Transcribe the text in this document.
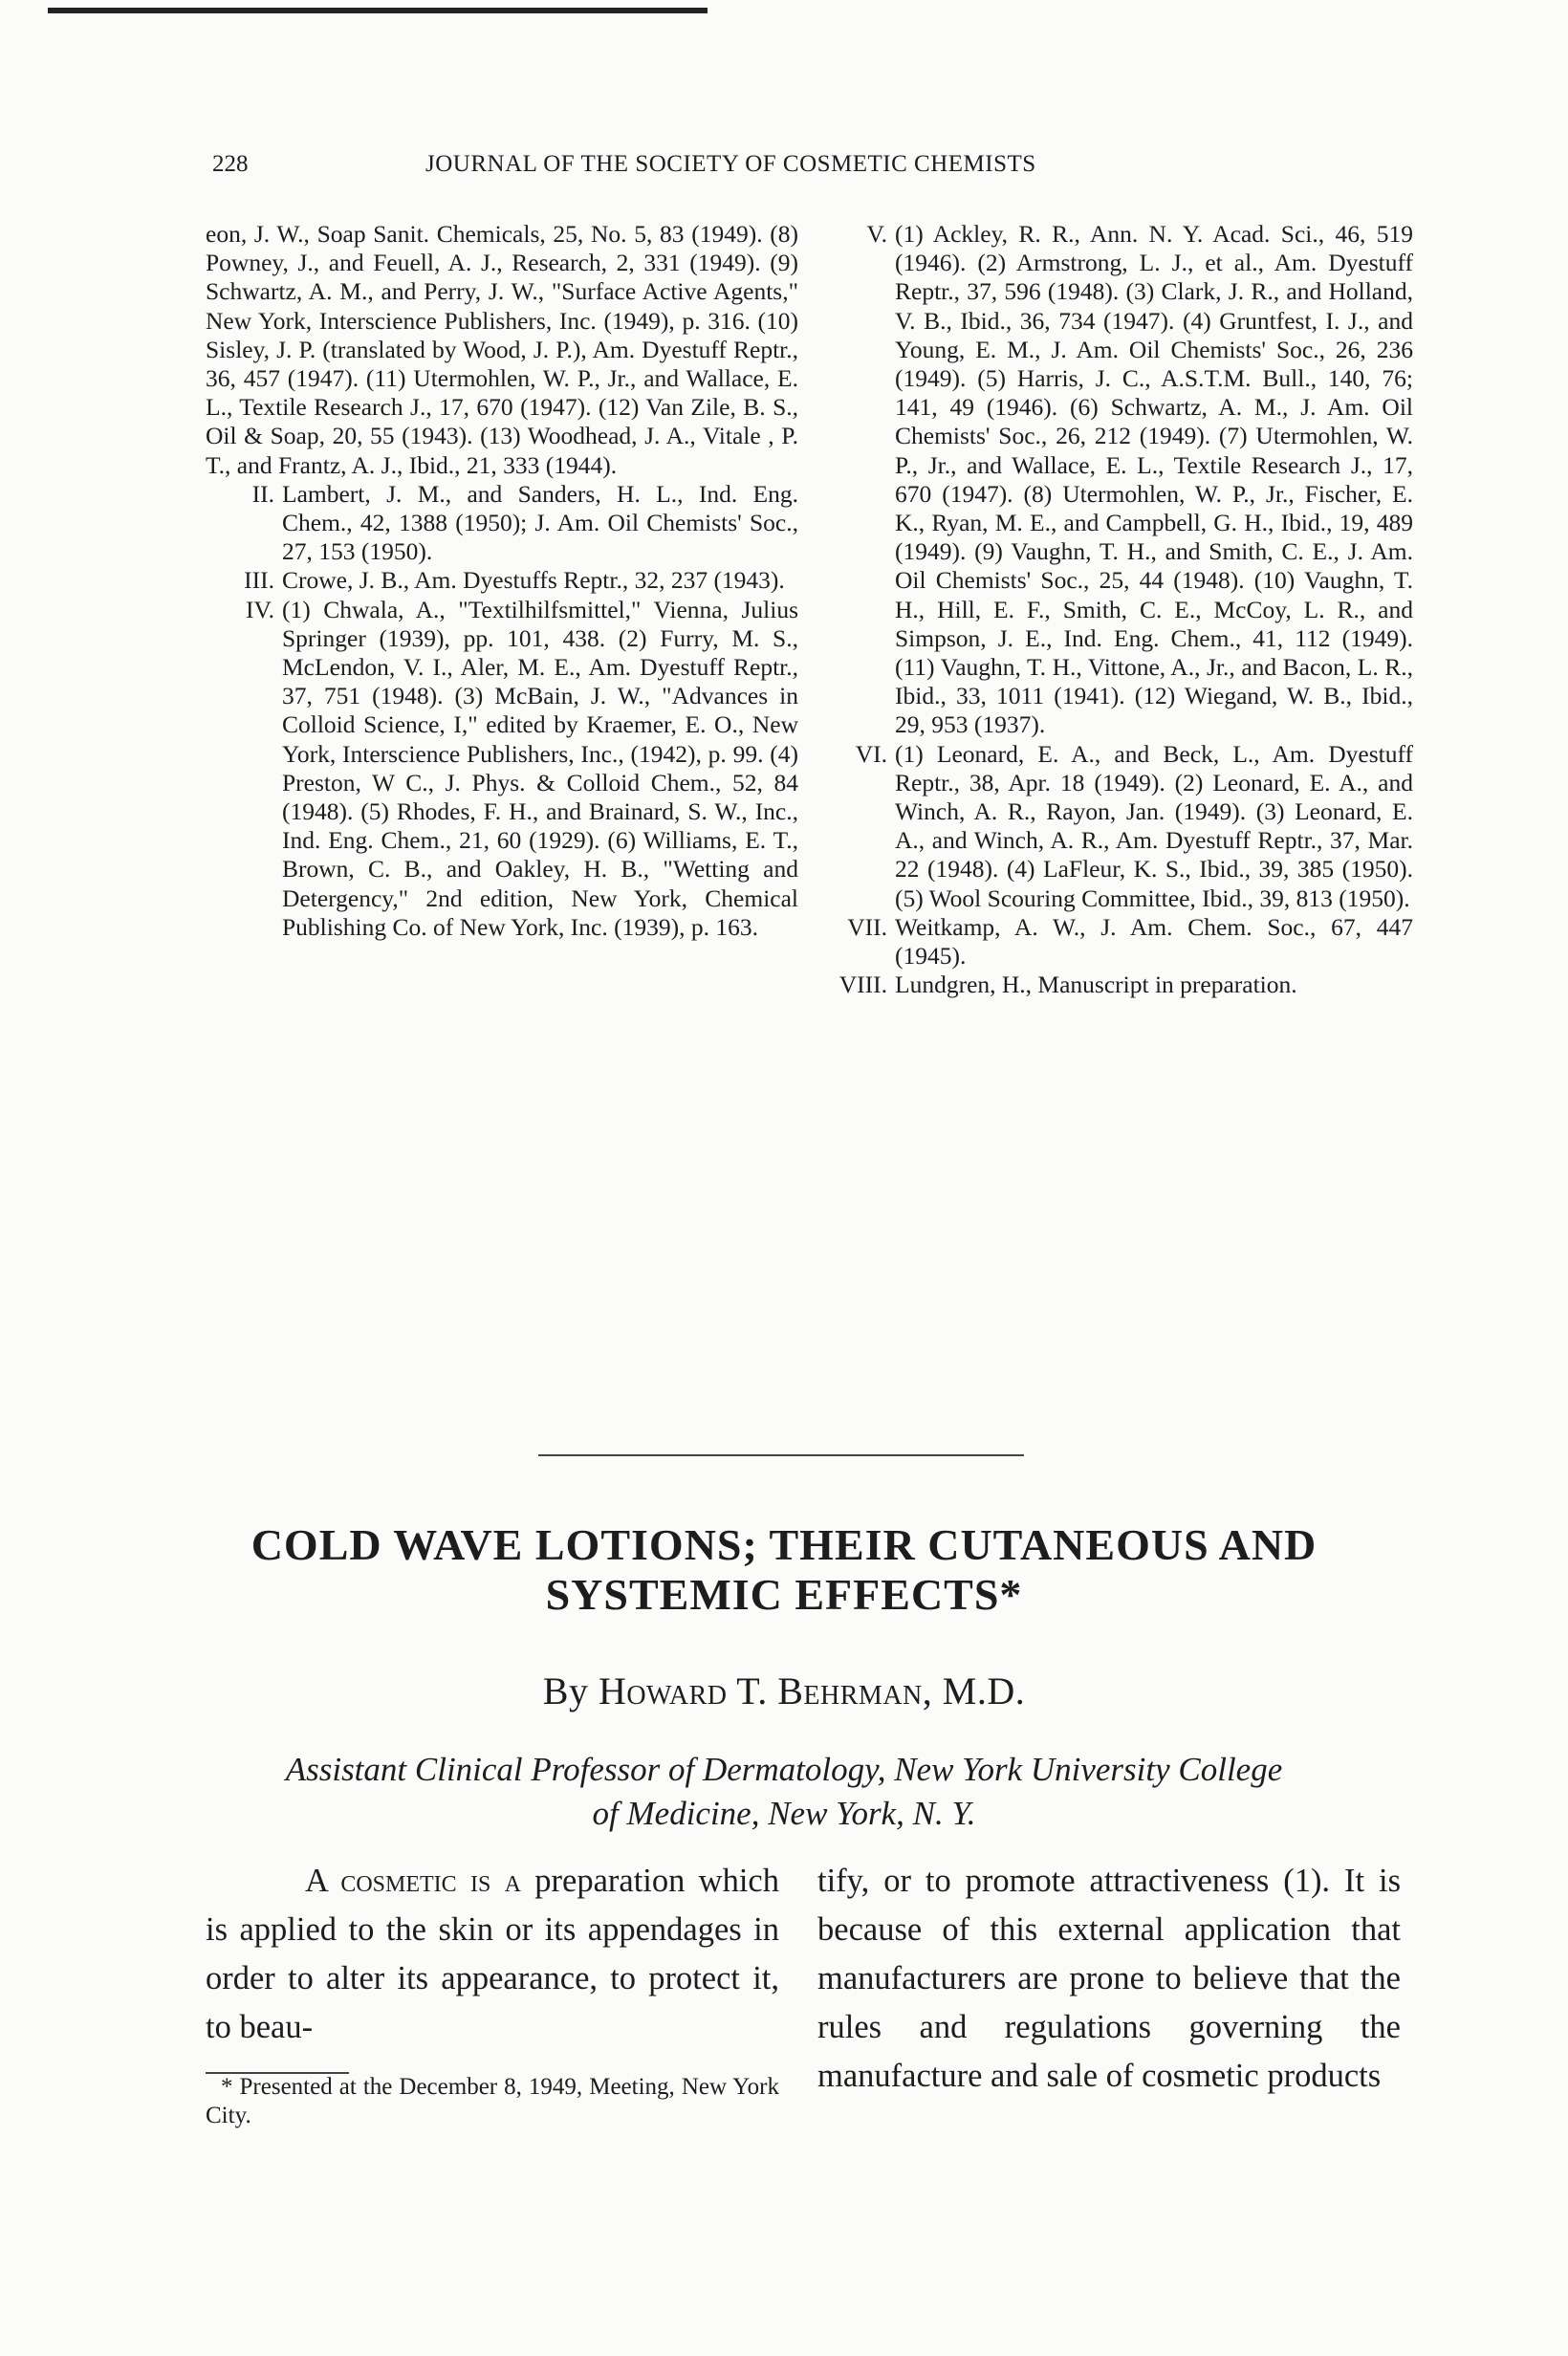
228	JOURNAL OF THE SOCIETY OF COSMETIC CHEMISTS
eon, J. W., Soap Sanit. Chemicals, 25, No. 5, 83 (1949). (8) Powney, J., and Feuell, A. J., Research, 2, 331 (1949). (9) Schwartz, A. M., and Perry, J. W., "Surface Active Agents," New York, Interscience Publishers, Inc. (1949), p. 316. (10) Sisley, J. P. (translated by Wood, J. P.), Am. Dyestuff Reptr., 36, 457 (1947). (11) Utermohlen, W. P., Jr., and Wallace, E. L., Textile Research J., 17, 670 (1947). (12) Van Zile, B. S., Oil & Soap, 20, 55 (1943). (13) Woodhead, J. A., Vitale , P. T., and Frantz, A. J., Ibid., 21, 333 (1944).
II. Lambert, J. M., and Sanders, H. L., Ind. Eng. Chem., 42, 1388 (1950); J. Am. Oil Chemists' Soc., 27, 153 (1950).
III. Crowe, J. B., Am. Dyestuffs Reptr., 32, 237 (1943).
IV. (1) Chwala, A., "Textilhilfsmittel," Vienna, Julius Springer (1939), pp. 101, 438. (2) Furry, M. S., McLendon, V. I., Aler, M. E., Am. Dyestuff Reptr., 37, 751 (1948). (3) McBain, J. W., "Advances in Colloid Science, I," edited by Kraemer, E. O., New York, Interscience Publishers, Inc., (1942), p. 99. (4) Preston, W C., J. Phys. & Colloid Chem., 52, 84 (1948). (5) Rhodes, F. H., and Brainard, S. W., Inc., Ind. Eng. Chem., 21, 60 (1929). (6) Williams, E. T., Brown, C. B., and Oakley, H. B., "Wetting and Detergency," 2nd edition, New York, Chemical Publishing Co. of New York, Inc. (1939), p. 163.
V. (1) Ackley, R. R., Ann. N. Y. Acad. Sci., 46, 519 (1946). (2) Armstrong, L. J., et al., Am. Dyestuff Reptr., 37, 596 (1948). (3) Clark, J. R., and Holland, V. B., Ibid., 36, 734 (1947). (4) Gruntfest, I. J., and Young, E. M., J. Am. Oil Chemists' Soc., 26, 236 (1949). (5) Harris, J. C., A.S.T.M. Bull., 140, 76; 141, 49 (1946). (6) Schwartz, A. M., J. Am. Oil Chemists' Soc., 26, 212 (1949). (7) Utermohlen, W. P., Jr., and Wallace, E. L., Textile Research J., 17, 670 (1947). (8) Utermohlen, W. P., Jr., Fischer, E. K., Ryan, M. E., and Campbell, G. H., Ibid., 19, 489 (1949). (9) Vaughn, T. H., and Smith, C. E., J. Am. Oil Chemists' Soc., 25, 44 (1948). (10) Vaughn, T. H., Hill, E. F., Smith, C. E., McCoy, L. R., and Simpson, J. E., Ind. Eng. Chem., 41, 112 (1949). (11) Vaughn, T. H., Vittone, A., Jr., and Bacon, L. R., Ibid., 33, 1011 (1941). (12) Wiegand, W. B., Ibid., 29, 953 (1937).
VI. (1) Leonard, E. A., and Beck, L., Am. Dyestuff Reptr., 38, Apr. 18 (1949). (2) Leonard, E. A., and Winch, A. R., Rayon, Jan. (1949). (3) Leonard, E. A., and Winch, A. R., Am. Dyestuff Reptr., 37, Mar. 22 (1948). (4) LaFleur, K. S., Ibid., 39, 385 (1950). (5) Wool Scouring Committee, Ibid., 39, 813 (1950).
VII. Weitkamp, A. W., J. Am. Chem. Soc., 67, 447 (1945).
VIII. Lundgren, H., Manuscript in preparation.
COLD WAVE LOTIONS; THEIR CUTANEOUS AND
SYSTEMIC EFFECTS*
By Howard T. Behrman, M.D.
Assistant Clinical Professor of Dermatology, New York University College
of Medicine, New York, N. Y.
A cosmetic is a preparation which is applied to the skin or its appendages in order to alter its appearance, to protect it, to beau-
tify, or to promote attractiveness (1). It is because of this external application that manufacturers are prone to believe that the rules and regulations governing the manufacture and sale of cosmetic products
* Presented at the December 8, 1949, Meeting, New York City.
